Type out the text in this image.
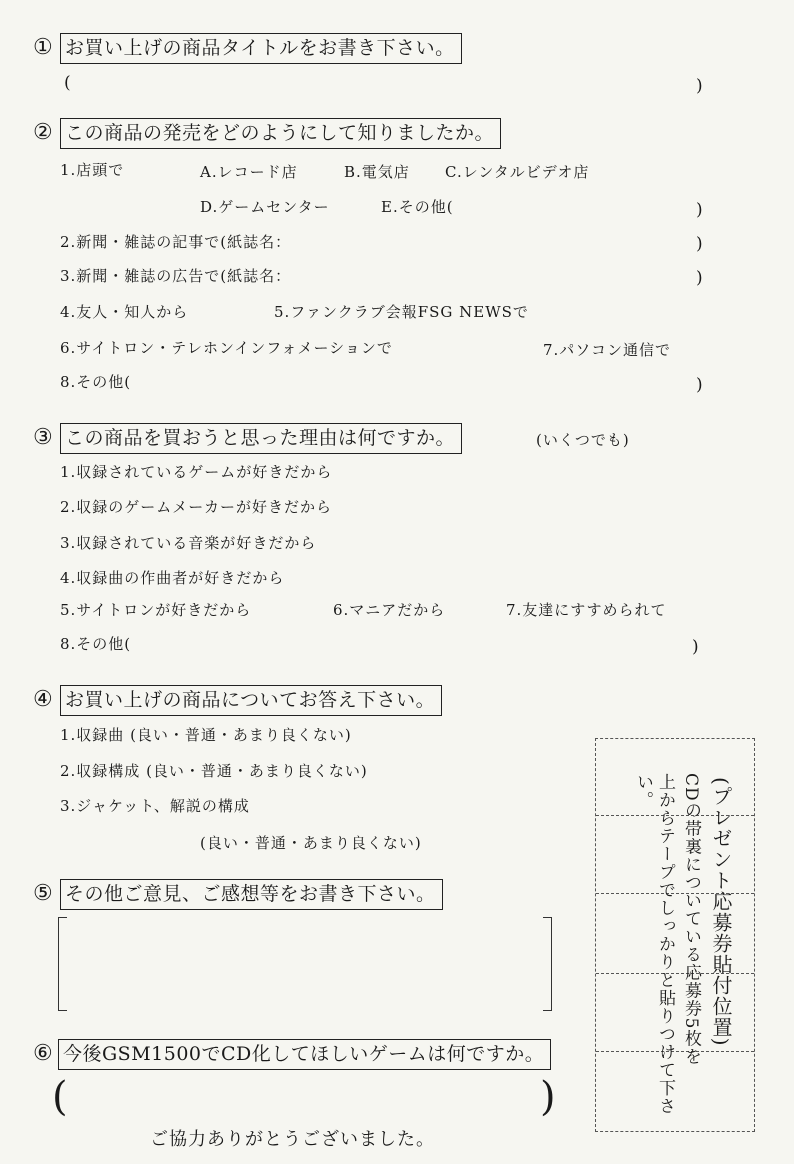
① お買い上げの商品タイトルをお書き下さい。
(	)
② この商品の発売をどのようにして知りましたか。
1.店頭で	A.レコード店	B.電気店 C.レンタルビデオ店
D.ゲームセンター	E.その他(	)
2.新聞・雑誌の記事で(紙誌名：	)
3.新聞・雑誌の広告で(紙誌名：	)
4.友人・知人から	5.ファンクラブ会報FSG NEWSで
6.サイトロン・テレホンインフォメーションで	7.パソコン通信で
8.その他(	)
③ この商品を買おうと思った理由は何ですか。	(いくつでも)
1.収録されているゲームが好きだから
2.収録のゲームメーカーが好きだから
3.収録されている音楽が好きだから
4.収録曲の作曲者が好きだから
5.サイトロンが好きだから	6.マニアだから	7.友達にすすめられて
8.その他(	)
④ お買い上げの商品についてお答え下さい。
1.収録曲 (良い・普通・あまり良くない)
2.収録構成 (良い・普通・あまり良くない)
3.ジャケット、解説の構成
(良い・普通・あまり良くない)
⑤ その他ご意見、ご感想等をお書き下さい。
⑥ 今後GSM1500でCD化してほしいゲームは何ですか。
(	)
ご協力ありがとうございました。
(プレゼント応募券貼付位置)
CDの帯裏についている応募券5枚を
上からテープでしっかりと貼りつけて下さい。
